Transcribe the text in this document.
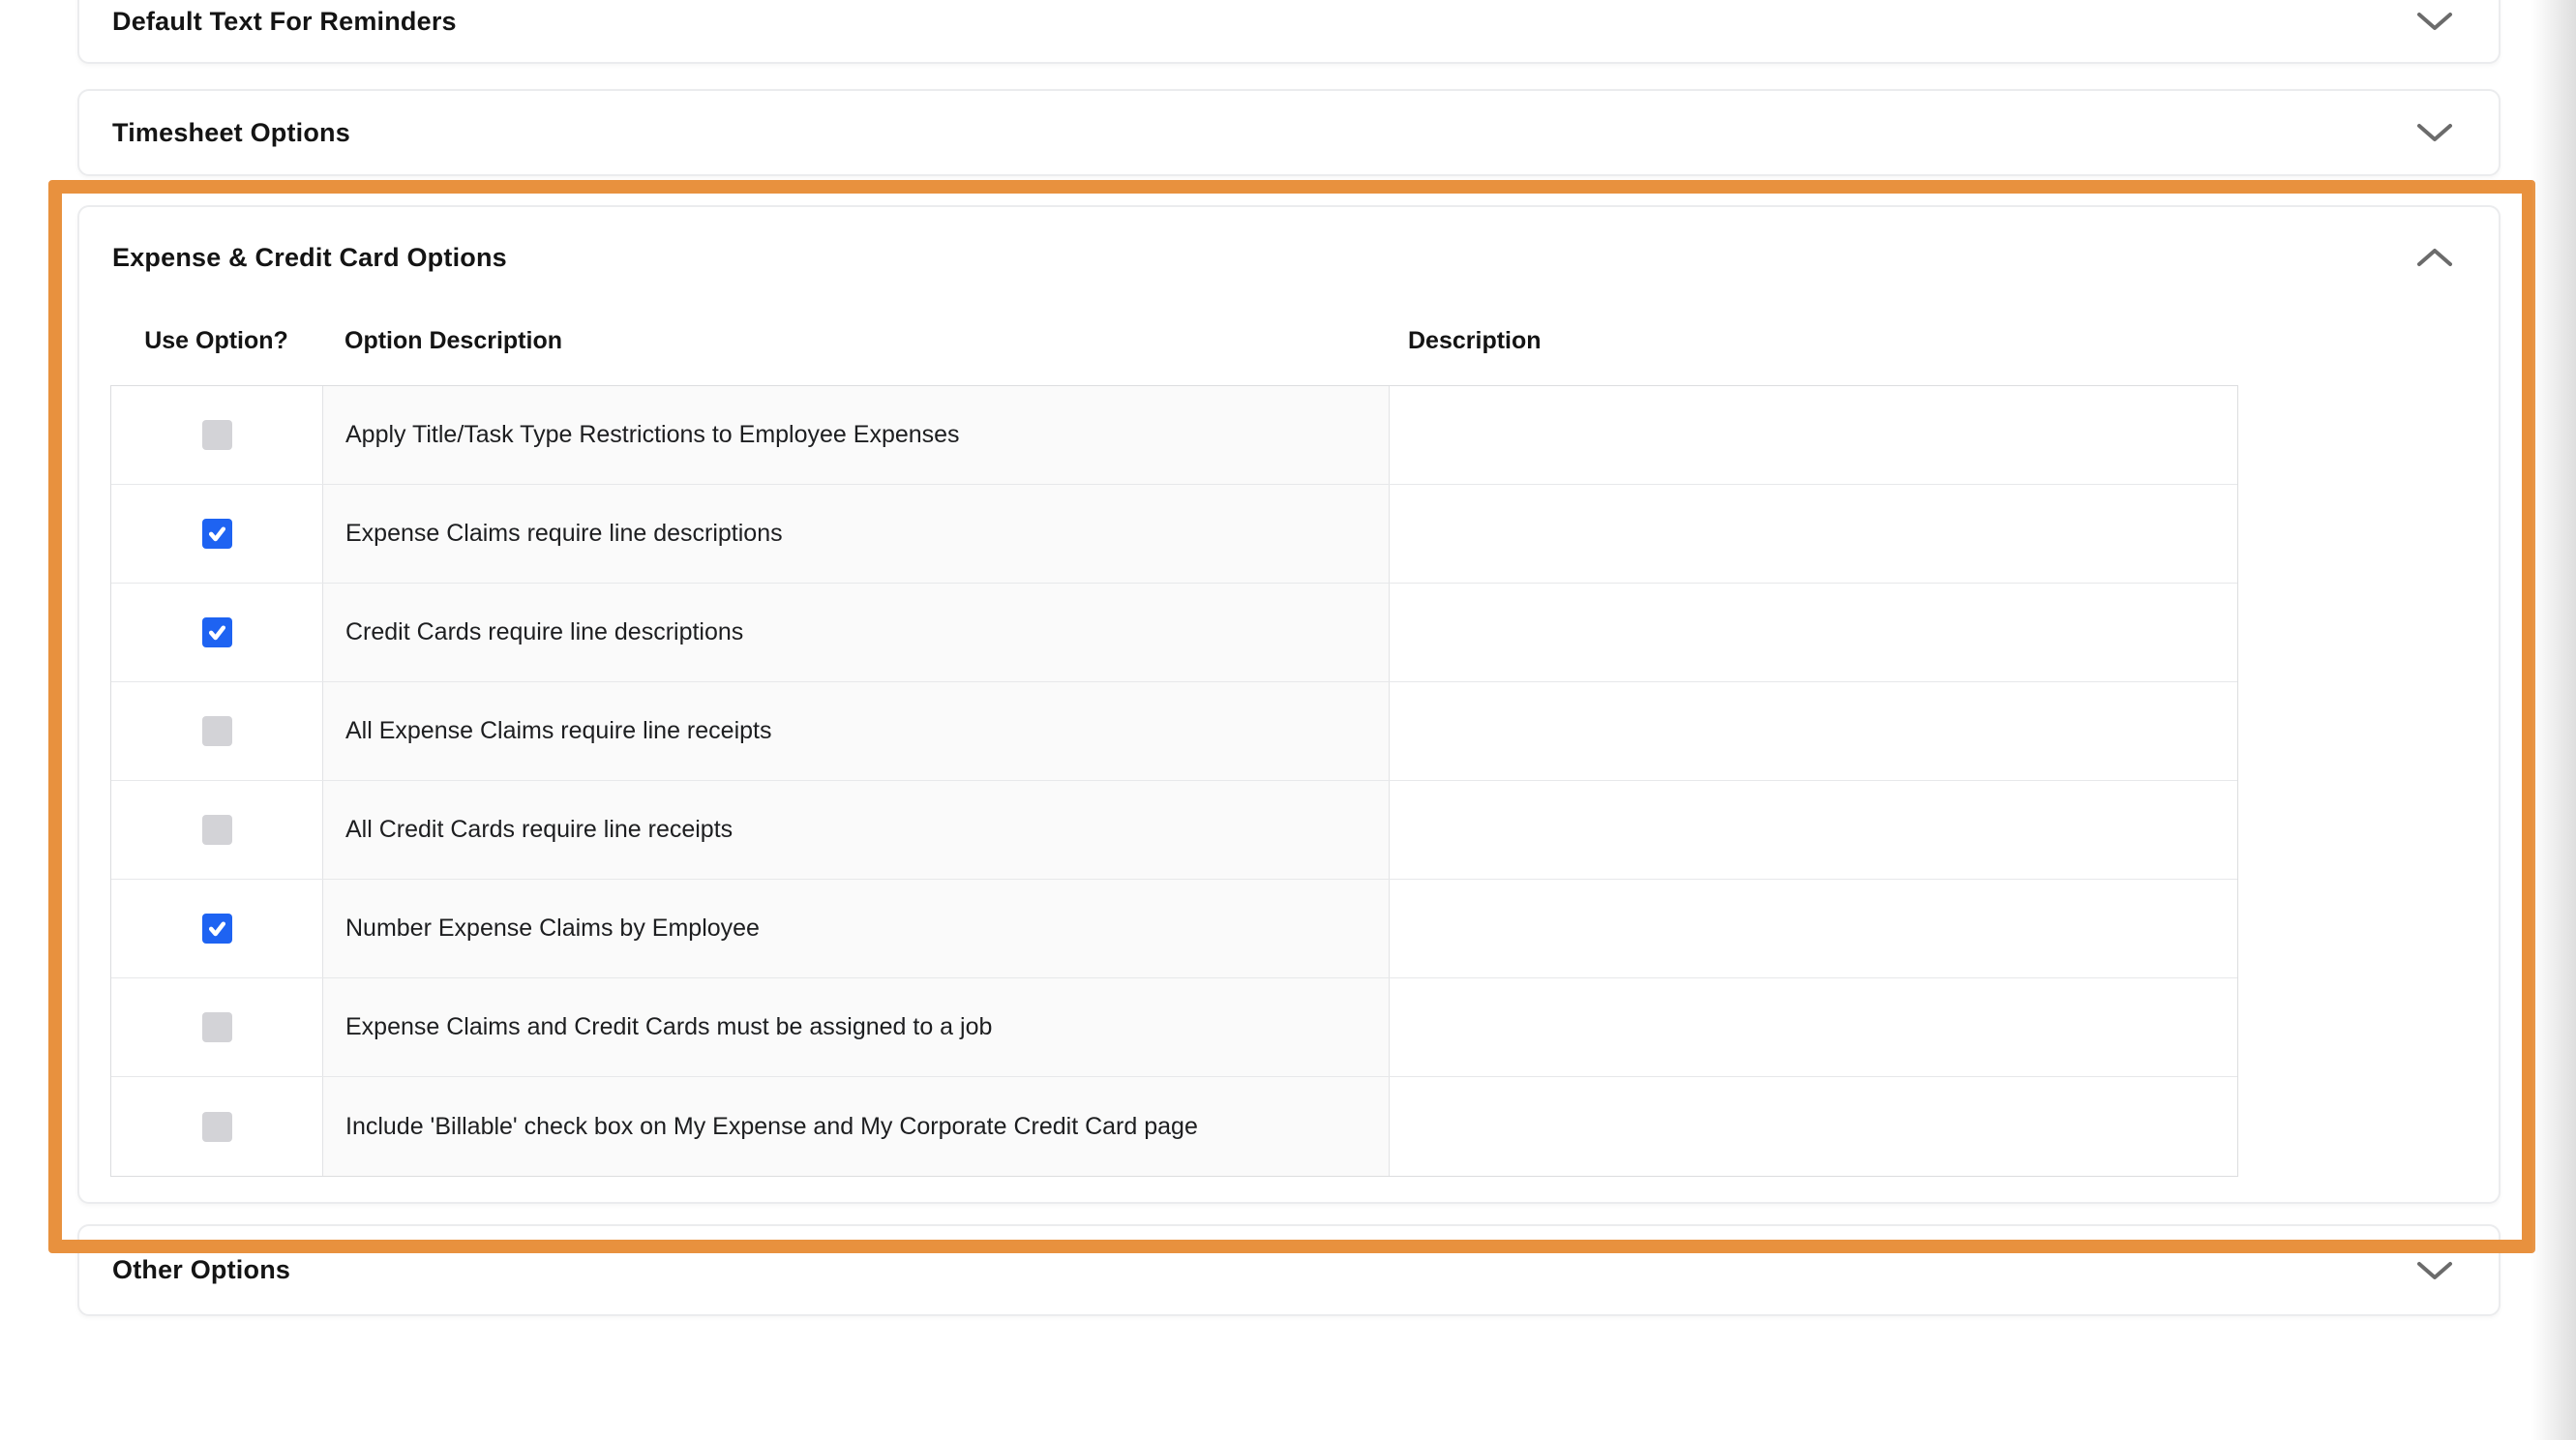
Default Text For Reminders
Timesheet Options
Expense & Credit Card Options
Use Option?	Option Description	Description
Apply Title/Task Type Restrictions to Employee Expenses
Expense Claims require line descriptions
Credit Cards require line descriptions
All Expense Claims require line receipts
All Credit Cards require line receipts
Number Expense Claims by Employee
Expense Claims and Credit Cards must be assigned to a job
Include 'Billable' check box on My Expense and My Corporate Credit Card page
Other Options
